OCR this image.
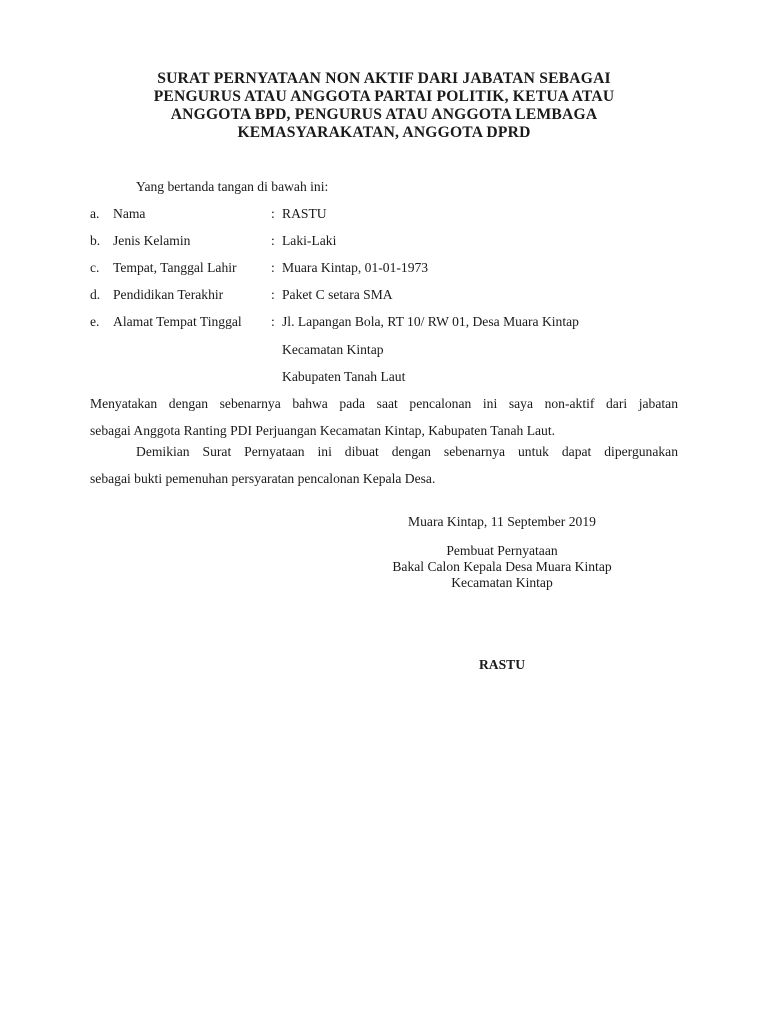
SURAT PERNYATAAN NON AKTIF DARI JABATAN SEBAGAI
PENGURUS ATAU ANGGOTA PARTAI POLITIK, KETUA ATAU
ANGGOTA BPD, PENGURUS ATAU ANGGOTA LEMBAGA
KEMASYARAKATAN, ANGGOTA DPRD
Yang bertanda tangan di bawah ini:
a. Nama	: RASTU
b. Jenis Kelamin	: Laki-Laki
c. Tempat, Tanggal Lahir	: Muara Kintap, 01-01-1973
d. Pendidikan Terakhir	: Paket C setara SMA
e. Alamat Tempat Tinggal : Jl. Lapangan Bola, RT 10/ RW 01, Desa Muara Kintap
Kecamatan Kintap
Kabupaten Tanah Laut
Menyatakan dengan sebenarnya bahwa pada saat pencalonan ini saya non-aktif dari jabatan
sebagai Anggota Ranting PDI Perjuangan Kecamatan Kintap, Kabupaten Tanah Laut.
Demikian Surat Pernyataan ini dibuat dengan sebenarnya untuk dapat dipergunakan
sebagai bukti pemenuhan persyaratan pencalonan Kepala Desa.
Muara Kintap, 11 September 2019
Pembuat Pernyataan
Bakal Calon Kepala Desa Muara Kintap
Kecamatan Kintap
RASTU
